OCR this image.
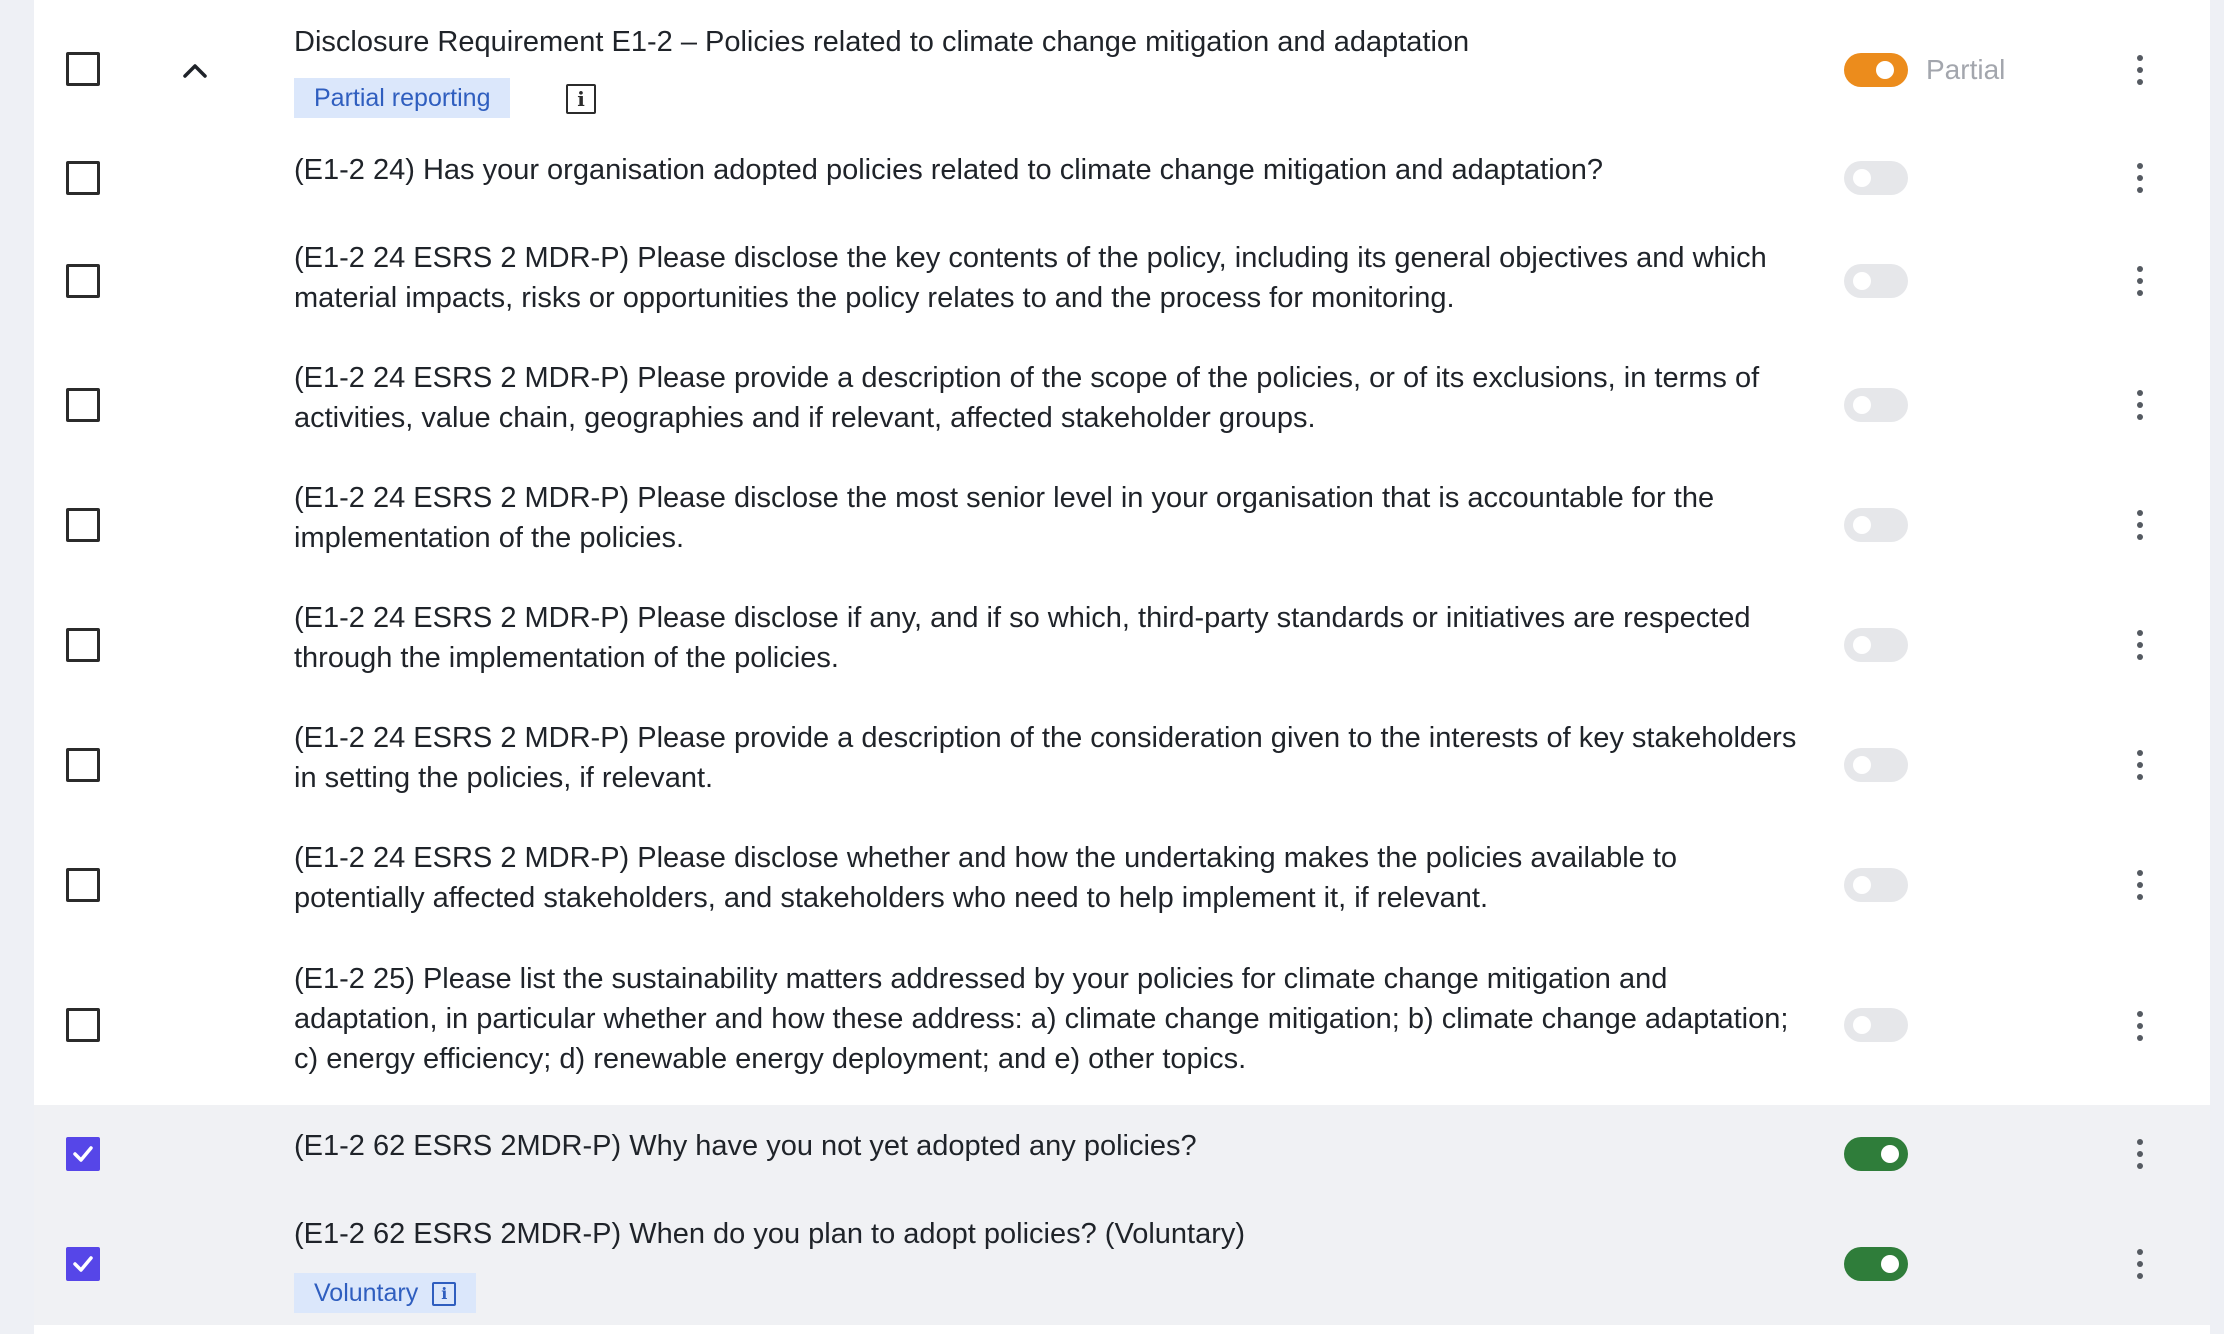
Disclosure Requirement E1-2 – Policies related to climate change mitigation and adaptation
Partial reporting	i
Partial
(E1-2 24) Has your organisation adopted policies related to climate change mitigation and adaptation?
(E1-2 24 ESRS 2 MDR-P) Please disclose the key contents of the policy, including its general objectives and which material impacts, risks or opportunities the policy relates to and the process for monitoring.
(E1-2 24 ESRS 2 MDR-P) Please provide a description of the scope of the policies, or of its exclusions, in terms of activities, value chain, geographies and if relevant, affected stakeholder groups.
(E1-2 24 ESRS 2 MDR-P) Please disclose the most senior level in your organisation that is accountable for the implementation of the policies.
(E1-2 24 ESRS 2 MDR-P) Please disclose if any, and if so which, third-party standards or initiatives are respected through the implementation of the policies.
(E1-2 24 ESRS 2 MDR-P) Please provide a description of the consideration given to the interests of key stakeholders in setting the policies, if relevant.
(E1-2 24 ESRS 2 MDR-P) Please disclose whether and how the undertaking makes the policies available to potentially affected stakeholders, and stakeholders who need to help implement it, if relevant.
(E1-2 25) Please list the sustainability matters addressed by your policies for climate change mitigation and adaptation, in particular whether and how these address: a) climate change mitigation; b) climate change adaptation; c) energy efficiency; d) renewable energy deployment; and e) other topics.
(E1-2 62 ESRS 2MDR-P) Why have you not yet adopted any policies?
(E1-2 62 ESRS 2MDR-P) When do you plan to adopt policies? (Voluntary)
Voluntary	i
